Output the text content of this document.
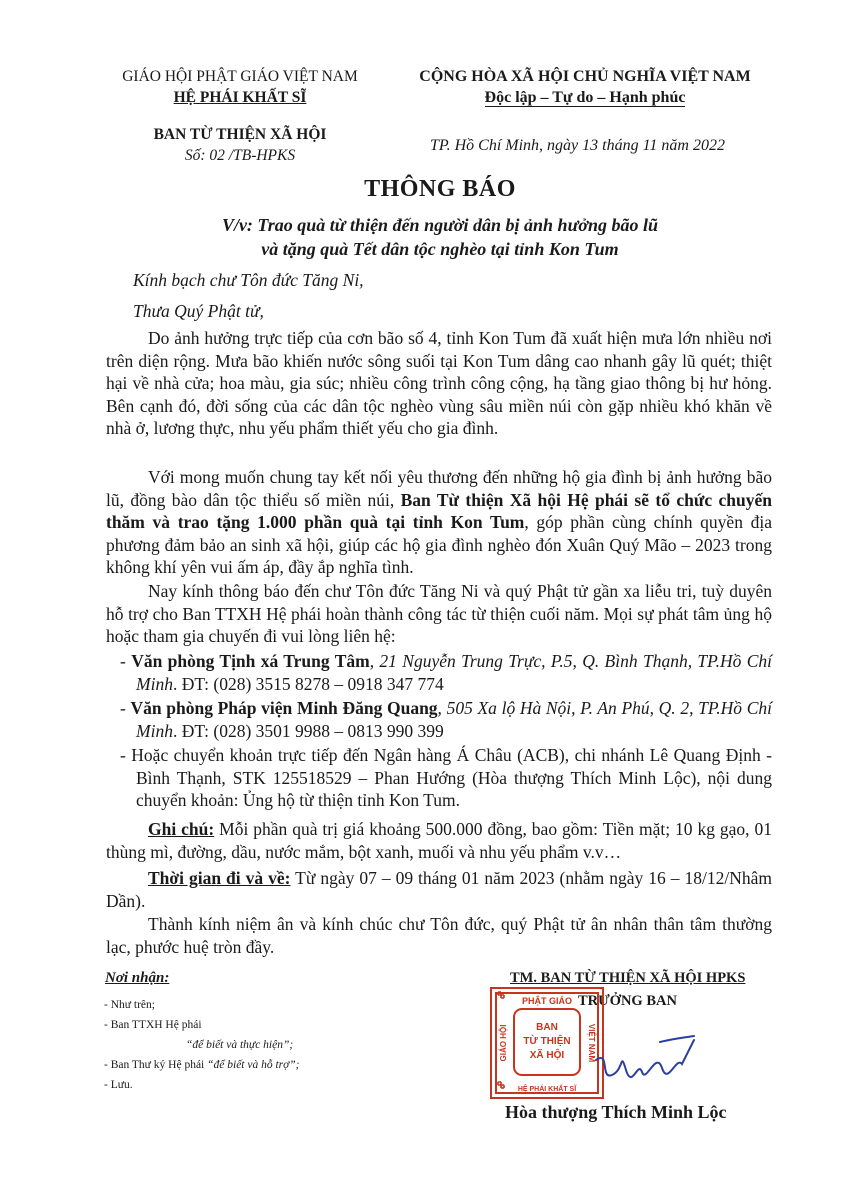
GIÁO HỘI PHẬT GIÁO VIỆT NAM
HỆ PHÁI KHẤT SĨ
BAN TỪ THIỆN XÃ HỘI
Số: 02 /TB-HPKS
CỘNG HÒA XÃ HỘI CHỦ NGHĨA VIỆT NAM
Độc lập – Tự do – Hạnh phúc
TP. Hồ Chí Minh, ngày 13 tháng 11 năm 2022
THÔNG BÁO
V/v: Trao quà từ thiện đến người dân bị ảnh hưởng bão lũ
và tặng quà Tết dân tộc nghèo tại tỉnh Kon Tum
Kính bạch chư Tôn đức Tăng Ni,
Thưa Quý Phật tử,
Do ảnh hưởng trực tiếp của cơn bão số 4, tỉnh Kon Tum đã xuất hiện mưa lớn nhiều nơi trên diện rộng. Mưa bão khiến nước sông suối tại Kon Tum dâng cao nhanh gây lũ quét; thiệt hại về nhà cửa; hoa màu, gia súc; nhiều công trình công cộng, hạ tầng giao thông bị hư hỏng. Bên cạnh đó, đời sống của các dân tộc nghèo vùng sâu miền núi còn gặp nhiều khó khăn về nhà ở, lương thực, nhu yếu phẩm thiết yếu cho gia đình.
Với mong muốn chung tay kết nối yêu thương đến những hộ gia đình bị ảnh hưởng bão lũ, đồng bào dân tộc thiểu số miền núi, Ban Từ thiện Xã hội Hệ phái sẽ tổ chức chuyến thăm và trao tặng 1.000 phần quà tại tỉnh Kon Tum, góp phần cùng chính quyền địa phương đảm bảo an sinh xã hội, giúp các hộ gia đình nghèo đón Xuân Quý Mão – 2023 trong không khí yên vui ấm áp, đầy ắp nghĩa tình.
Nay kính thông báo đến chư Tôn đức Tăng Ni và quý Phật tử gần xa liễu tri, tuỳ duyên hỗ trợ cho Ban TTXH Hệ phái hoàn thành công tác từ thiện cuối năm. Mọi sự phát tâm ủng hộ hoặc tham gia chuyến đi vui lòng liên hệ:
- Văn phòng Tịnh xá Trung Tâm, 21 Nguyễn Trung Trực, P.5, Q. Bình Thạnh, TP.Hồ Chí Minh. ĐT: (028) 3515 8278 – 0918 347 774
- Văn phòng Pháp viện Minh Đăng Quang, 505 Xa lộ Hà Nội, P. An Phú, Q. 2, TP.Hồ Chí Minh. ĐT: (028) 3501 9988 – 0813 990 399
- Hoặc chuyển khoản trực tiếp đến Ngân hàng Á Châu (ACB), chi nhánh Lê Quang Định - Bình Thạnh, STK 125518529 – Phan Hướng (Hòa thượng Thích Minh Lộc), nội dung chuyển khoản: Ủng hộ từ thiện tỉnh Kon Tum.
Ghi chú: Mỗi phần quà trị giá khoảng 500.000 đồng, bao gồm: Tiền mặt; 10 kg gạo, 01 thùng mì, đường, dầu, nước mắm, bột xanh, muối và nhu yếu phẩm v.v…
Thời gian đi và về: Từ ngày 07 – 09 tháng 01 năm 2023 (nhằm ngày 16 – 18/12/Nhâm Dần).
Thành kính niệm ân và kính chúc chư Tôn đức, quý Phật tử ân nhân thân tâm thường lạc, phước huệ tròn đầy.
Nơi nhận:
- Như trên;
- Ban TTXH Hệ phái
“để biết và thực hiện”;
- Ban Thư ký Hệ phái “để biết và hỗ trợ”;
- Lưu.
TM. BAN TỪ THIỆN XÃ HỘI HPKS
TRƯỞNG BAN
PHẬT GIÁO
HỆ PHÁI KHẤT SĨ
BAN
TỪ THIỆN
XÃ HỘI
GIÁO HỘI	VIỆT NAM
Hòa thượng Thích Minh Lộc
